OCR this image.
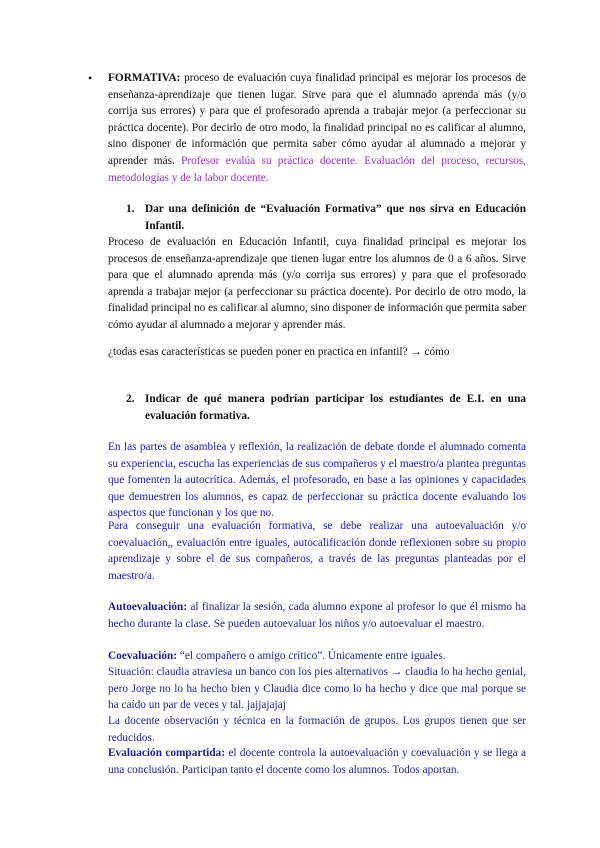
• FORMATIVA: proceso de evaluación cuya finalidad principal es mejorar los procesos de enseñanza-aprendizaje que tienen lugar. Sirve para que el alumnado aprenda más (y/o corrija sus errores) y para que el profesorado aprenda a trabajar mejor (a perfeccionar su práctica docente). Por decirlo de otro modo, la finalidad principal no es calificar al alumno, sino disponer de información que permita saber cómo ayudar al alumnado a mejorar y aprender más. Profesor evalúa su práctica docente. Evaluación del proceso, recursos, metodologías y de la labor docente.

1. Dar una definición de “Evaluación Formativa” que nos sirva en Educación Infantil.

Proceso de evaluación en Educación Infantil, cuya finalidad principal es mejorar los procesos de enseñanza-aprendizaje que tienen lugar entre los alumnos de 0 a 6 años. Sirve para que el alumnado aprenda más (y/o corrija sus errores) y para que el profesorado aprenda a trabajar mejor (a perfeccionar su práctica docente). Por decirlo de otro modo, la finalidad principal no es calificar al alumno, sino disponer de información que permita saber cómo ayudar al alumnado a mejorar y aprender más.

¿todas esas características se pueden poner en practica en infantil? → cómo

2. Indicar de qué manera podrían participar los estudiantes de E.I. en una evaluación formativa.

En las partes de asamblea y reflexión, la realización de debate donde el alumnado comenta su experiencia, escucha las experiencias de sus compañeros y el maestro/a plantea preguntas que fomenten la autocrítica. Además, el profesorado, en base a las opiniones y capacidades que demuestren los alumnos, es capaz de perfeccionar su práctica docente evaluando los aspectos que funcionan y los que no.

Para conseguir una evaluación formativa, se debe realizar una autoevaluación y/o coevaluación,, evaluación entre iguales, autocalificación donde reflexionen sobre su propio aprendizaje y sobre el de sus compañeros, a través de las preguntas planteadas por el maestro/a.

Autoevaluación: al finalizar la sesión, cada alumno expone al profesor lo que él mismo ha hecho durante la clase. Se pueden autoevaluar los niños y/o autoevaluar el maestro.

Coevaluación: “el compañero o amigo crítico”. Únicamente entre iguales.

Situación: claudia atraviesa un banco con los pies alternativos → claudia lo ha hecho genial, pero Jorge no lo ha hecho bien y Claudia dice como lo ha hecho y dice que mal porque se ha caído un par de veces y tal. jajjajajaj

La docente observación y técnica en la formación de grupos. Los grupos tienen que ser reducidos.

Evaluación compartida: el docente controla la autoevaluación y coevaluación y se llega a una conclusión. Participan tanto el docente como los alumnos. Todos aportan.
